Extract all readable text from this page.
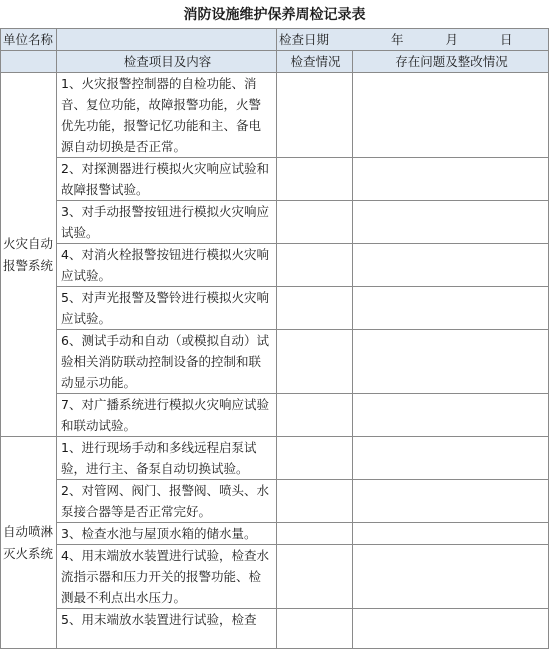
消防设施维护保养周检记录表
单位名称		检查日期 年 月 日	
	检查项目及内容	检查情况	存在问题及整改情况
火灾自动报警系统	1、火灾报警控制器的自检功能、消音、复位功能，故障报警功能，火警优先功能，报警记忆功能和主、备电源自动切换是否正常。		
	2、对探测器进行模拟火灾响应试验和故障报警试验。		
	3、对手动报警按钮进行模拟火灾响应试验。		
	4、对消火栓报警按钮进行模拟火灾响应试验。		
	5、对声光报警及警铃进行模拟火灾响应试验。		
	6、测试手动和自动（或模拟自动）试验相关消防联动控制设备的控制和联动显示功能。		
	7、对广播系统进行模拟火灾响应试验和联动试验。		
自动喷淋灭火系统	1、进行现场手动和多线远程启泵试验，进行主、备泵自动切换试验。		
	2、对管网、阀门、报警阀、喷头、水泵接合器等是否正常完好。		
	3、检查水池与屋顶水箱的储水量。		
	4、用末端放水装置进行试验，检查水流指示器和压力开关的报警功能、检测最不利点出水压力。		
	5、用末端放水装置进行试验，检查		
